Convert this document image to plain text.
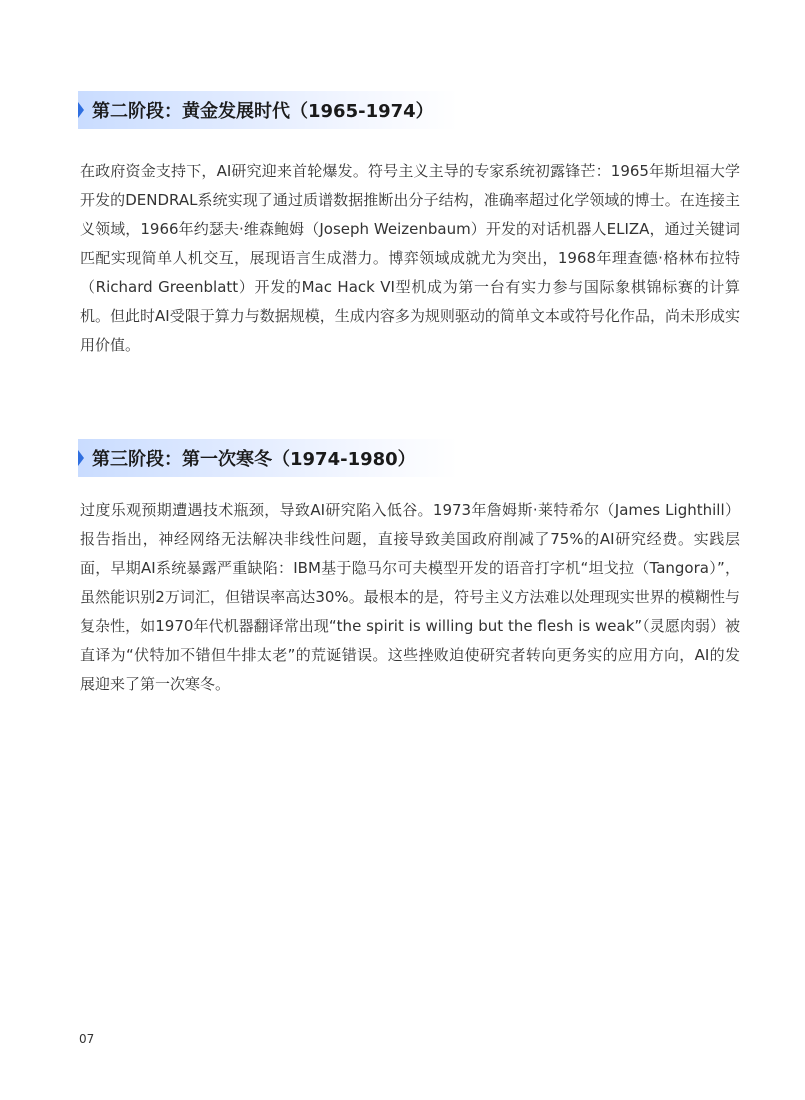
第二阶段：黄金发展时代（1965-1974）

在政府资金支持下，AI研究迎来首轮爆发。符号主义主导的专家系统初露锋芒：1965年斯坦福大学开发的DENDRAL系统实现了通过质谱数据推断出分子结构，准确率超过化学领域的博士。在连接主义领域，1966年约瑟夫·维森鲍姆（Joseph Weizenbaum）开发的对话机器人ELIZA，通过关键词匹配实现简单人机交互，展现语言生成潜力。博弈领域成就尤为突出，1968年理查德·格林布拉特（Richard Greenblatt）开发的Mac Hack VI型机成为第一台有实力参与国际象棋锦标赛的计算机。但此时AI受限于算力与数据规模，生成内容多为规则驱动的简单文本或符号化作品，尚未形成实用价值。

第三阶段：第一次寒冬（1974-1980）

过度乐观预期遭遇技术瓶颈，导致AI研究陷入低谷。1973年詹姆斯·莱特希尔（James Lighthill）报告指出，神经网络无法解决非线性问题，直接导致美国政府削减了75%的AI研究经费。实践层面，早期AI系统暴露严重缺陷：IBM基于隐马尔可夫模型开发的语音打字机“坦戈拉（Tangora）”，虽然能识别2万词汇，但错误率高达30%。最根本的是，符号主义方法难以处理现实世界的模糊性与复杂性，如1970年代机器翻译常出现“the spirit is willing but the flesh is weak”（灵愿肉弱）被直译为“伏特加不错但牛排太老”的荒诞错误。这些挫败迫使研究者转向更务实的应用方向，AI的发展迎来了第一次寒冬。

07
